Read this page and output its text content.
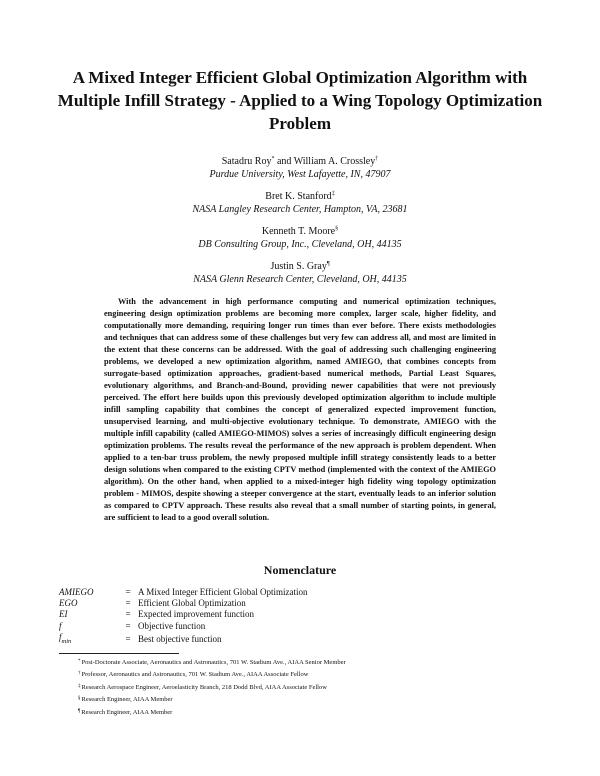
A Mixed Integer Efficient Global Optimization Algorithm with Multiple Infill Strategy - Applied to a Wing Topology Optimization Problem
Satadru Roy* and William A. Crossley†
Purdue University, West Lafayette, IN, 47907
Bret K. Stanford‡
NASA Langley Research Center, Hampton, VA, 23681
Kenneth T. Moore§
DB Consulting Group, Inc., Cleveland, OH, 44135
Justin S. Gray¶
NASA Glenn Research Center, Cleveland, OH, 44135

With the advancement in high performance computing and numerical optimization techniques, engineering design optimization problems are becoming more complex, larger scale, higher fidelity, and computationally more demanding, requiring longer run times than ever before. There exists methodologies and techniques that can address some of these challenges but very few can address all, and most are limited in the extent that these concerns can be addressed. With the goal of addressing such challenging engineering problems, we developed a new optimization algorithm, named AMIEGO, that combines concepts from surrogate-based optimization approaches, gradient-based numerical methods, Partial Least Squares, evolutionary algorithms, and Branch-and-Bound, providing newer capabilities that were not previously perceived. The effort here builds upon this previously developed optimization algorithm to include multiple infill sampling capability that combines the concept of generalized expected improvement function, unsupervised learning, and multi-objective evolutionary technique. To demonstrate, AMIEGO with the multiple infill capability (called AMIEGO-MIMOS) solves a series of increasingly difficult engineering design optimization problems. The results reveal the performance of the new approach is problem dependent. When applied to a ten-bar truss problem, the newly proposed multiple infill strategy consistently leads to a better design solutions when compared to the existing CPTV method (implemented with the context of the AMIEGO algorithm). On the other hand, when applied to a mixed-integer high fidelity wing topology optimization problem - MIMOS, despite showing a steeper convergence at the start, eventually leads to an inferior solution as compared to CPTV approach. These results also reveal that a small number of starting points, in general, are sufficient to lead to a good overall solution.

Nomenclature
AMIEGO	=	A Mixed Integer Efficient Global Optimization
EGO	=	Efficient Global Optimization
EI	=	Expected improvement function
f	=	Objective function
$f_{min}$	=	Best objective function
*Post-Doctorate Associate, Aeronautics and Astronautics, 701 W. Stadium Ave., AIAA Senior Member
†Professor, Aeronautics and Astronautics, 701 W. Stadium Ave., AIAA Associate Fellow
‡Research Aerospace Engineer, Aeroelasticity Branch, 218 Dodd Blvd, AIAA Associate Fellow
§Research Engineer, AIAA Member
¶Research Engineer, AIAA Member
